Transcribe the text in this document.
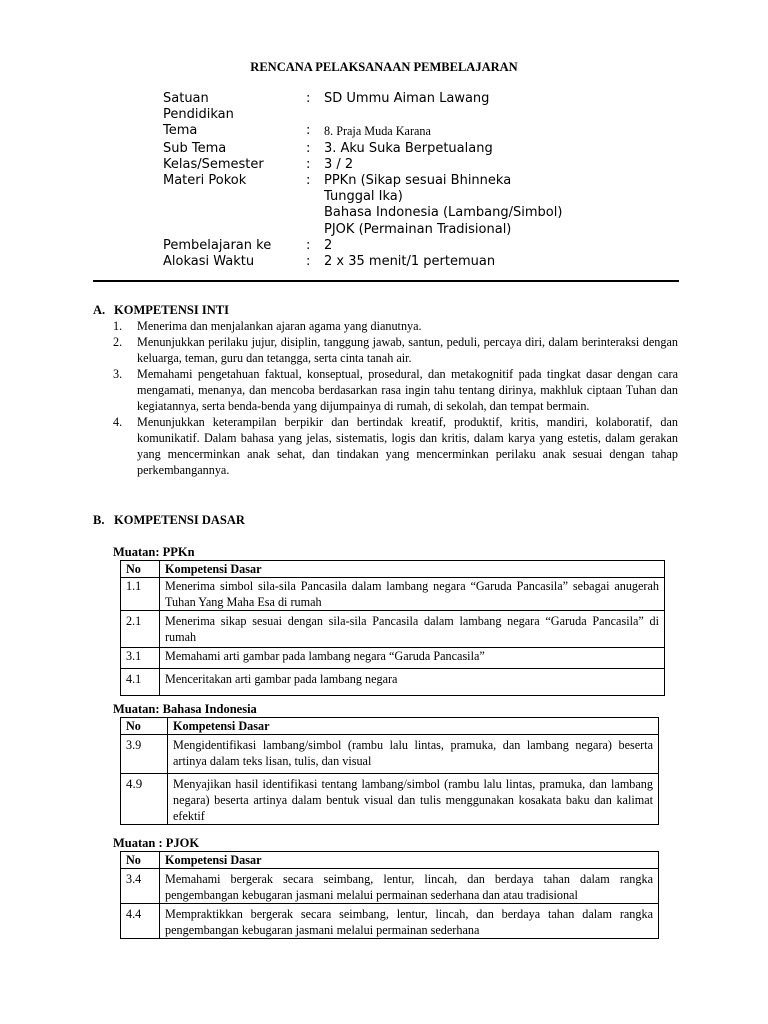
RENCANA PELAKSANAAN PEMBELAJARAN
Satuan Pendidikan
:	SD Ummu Aiman Lawang
Tema	:	8. Praja Muda Karana
Sub Tema	:	3. Aku Suka Berpetualang
Kelas/Semester	:	3 / 2
Materi Pokok	:	PPKn (Sikap sesuai Bhinneka Tunggal Ika)
Bahasa Indonesia (Lambang/Simbol)
PJOK (Permainan Tradisional)
Pembelajaran ke	:	2
Alokasi Waktu	:	2 x 35 menit/1 pertemuan
A. KOMPETENSI INTI
1.	Menerima dan menjalankan ajaran agama yang dianutnya.
2.	Menunjukkan perilaku jujur, disiplin, tanggung jawab, santun, peduli, percaya diri, dalam berinteraksi dengan keluarga, teman, guru dan tetangga, serta cinta tanah air.
3.	Memahami pengetahuan faktual, konseptual, prosedural, dan metakognitif pada tingkat dasar dengan cara mengamati, menanya, dan mencoba berdasarkan rasa ingin tahu tentang dirinya, makhluk ciptaan Tuhan dan kegiatannya, serta benda-benda yang dijumpainya di rumah, di sekolah, dan tempat bermain.
4.	Menunjukkan keterampilan berpikir dan bertindak kreatif, produktif, kritis, mandiri, kolaboratif, dan komunikatif. Dalam bahasa yang jelas, sistematis, logis dan kritis, dalam karya yang estetis, dalam gerakan yang mencerminkan anak sehat, dan tindakan yang mencerminkan perilaku anak sesuai dengan tahap perkembangannya.
B. KOMPETENSI DASAR
Muatan: PPKn
No	Kompetensi Dasar
1.1	Menerima simbol sila-sila Pancasila dalam lambang negara “Garuda Pancasila” sebagai anugerah Tuhan Yang Maha Esa di rumah
2.1	Menerima sikap sesuai dengan sila-sila Pancasila dalam lambang negara “Garuda Pancasila” di rumah
3.1	Memahami arti gambar pada lambang negara “Garuda Pancasila”
4.1	Menceritakan arti gambar pada lambang negara
Muatan: Bahasa Indonesia
No	Kompetensi Dasar
3.9	Mengidentifikasi lambang/simbol (rambu lalu lintas, pramuka, dan lambang negara) beserta artinya dalam teks lisan, tulis, dan visual
4.9	Menyajikan hasil identifikasi tentang lambang/simbol (rambu lalu lintas, pramuka, dan lambang negara) beserta artinya dalam bentuk visual dan tulis menggunakan kosakata baku dan kalimat efektif
Muatan : PJOK
No	Kompetensi Dasar
3.4	Memahami bergerak secara seimbang, lentur, lincah, dan berdaya tahan dalam rangka pengembangan kebugaran jasmani melalui permainan sederhana dan atau tradisional
4.4	Mempraktikkan bergerak secara seimbang, lentur, lincah, dan berdaya tahan dalam rangka pengembangan kebugaran jasmani melalui permainan sederhana
